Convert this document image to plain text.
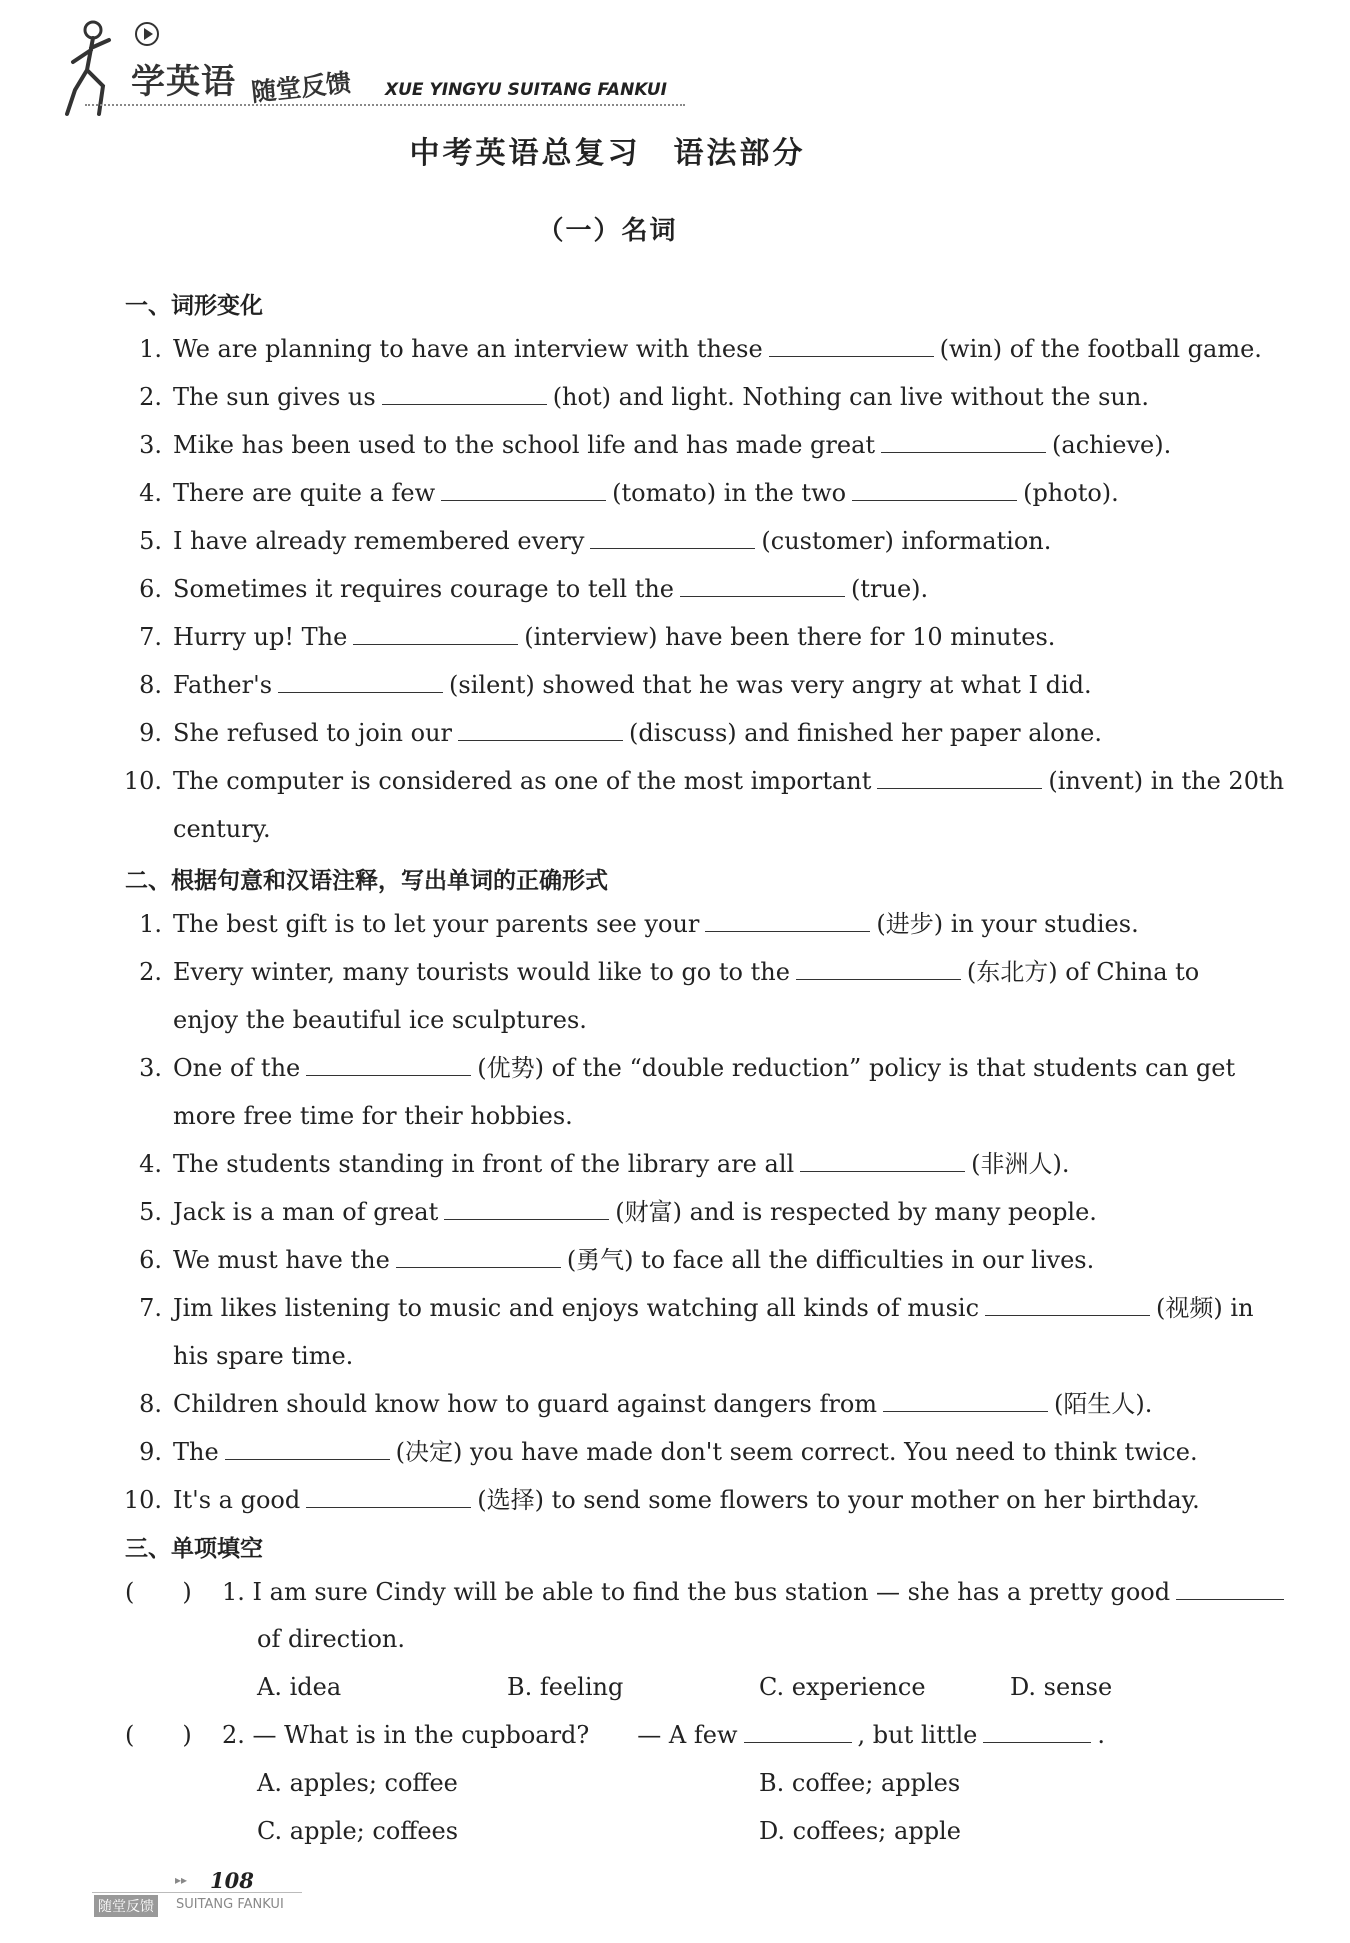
学英语 随堂反馈 XUE YINGYU SUITANG FANKUI
中考英语总复习　语法部分
（一）名词
一、词形变化
1. We are planning to have an interview with these	(win) of the football game.
2. The sun gives us	(hot) and light. Nothing can live without the sun.
3. Mike has been used to the school life and has made great	(achieve).
4. There are quite a few	(tomato) in the two	(photo).
5. I have already remembered every	(customer) information.
6. Sometimes it requires courage to tell the	(true).
7. Hurry up! The	(interview) have been there for 10 minutes.
8. Father's	(silent) showed that he was very angry at what I did.
9. She refused to join our	(discuss) and finished her paper alone.
10. The computer is considered as one of the most important	(invent) in the 20th
century.
二、根据句意和汉语注释，写出单词的正确形式
1. The best gift is to let your parents see your	(进步) in your studies.
2. Every winter, many tourists would like to go to the	(东北方) of China to
enjoy the beautiful ice sculptures.
3. One of the	(优势) of the “double reduction” policy is that students can get
more free time for their hobbies.
4. The students standing in front of the library are all	(非洲人).
5. Jack is a man of great	(财富) and is respected by many people.
6. We must have the	(勇气) to face all the difficulties in our lives.
7. Jim likes listening to music and enjoys watching all kinds of music	(视频) in
his spare time.
8. Children should know how to guard against dangers from	(陌生人).
9. The	(决定) you have made don't seem correct. You need to think twice.
10. It's a good	(选择) to send some flowers to your mother on her birthday.
三、单项填空
(　　) 1. I am sure Cindy will be able to find the bus station — she has a pretty good
of direction.
A. idea	B. feeling	C. experience	D. sense
(　　) 2. — What is in the cupboard?　　— A few	, but little	.
A. apples; coffee	B. coffee; apples
C. apple; coffees	D. coffees; apple
▸▸ 108
随堂反馈	SUITANG FANKUI
